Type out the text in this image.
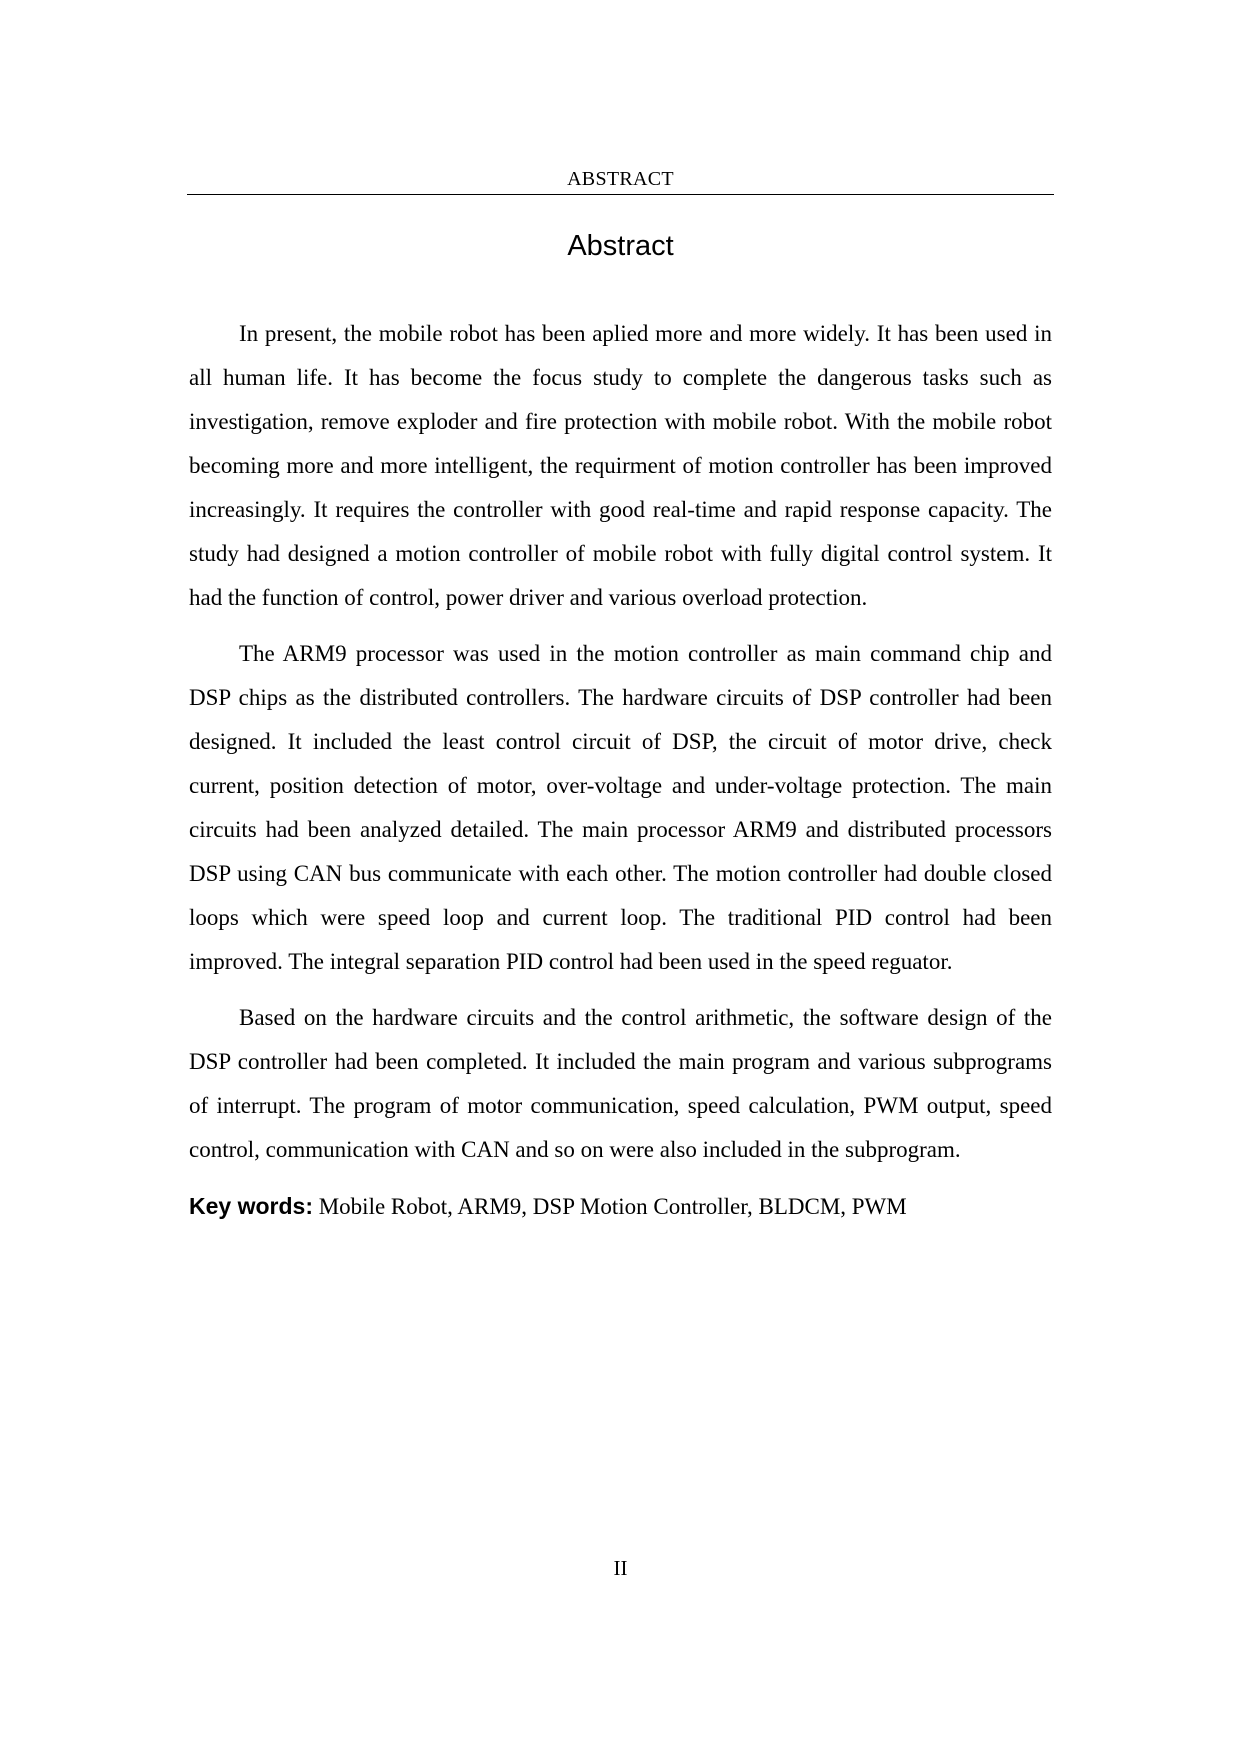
ABSTRACT
Abstract

In present, the mobile robot has been aplied more and more widely. It has been used in all human life. It has become the focus study to complete the dangerous tasks such as investigation, remove exploder and fire protection with mobile robot. With the mobile robot becoming more and more intelligent, the requirment of motion controller has been improved increasingly. It requires the controller with good real-time and rapid response capacity. The study had designed a motion controller of mobile robot with fully digital control system. It had the function of control, power driver and various overload protection.

The ARM9 processor was used in the motion controller as main command chip and DSP chips as the distributed controllers. The hardware circuits of DSP controller had been designed. It included the least control circuit of DSP, the circuit of motor drive, check current, position detection of motor, over-voltage and under-voltage protection. The main circuits had been analyzed detailed. The main processor ARM9 and distributed processors DSP using CAN bus communicate with each other. The motion controller had double closed loops which were speed loop and current loop. The traditional PID control had been improved. The integral separation PID control had been used in the speed reguator.

Based on the hardware circuits and the control arithmetic, the software design of the DSP controller had been completed. It included the main program and various subprograms of interrupt. The program of motor communication, speed calculation, PWM output, speed control, communication with CAN and so on were also included in the subprogram.

Key words: Mobile Robot, ARM9, DSP Motion Controller, BLDCM, PWM
II
